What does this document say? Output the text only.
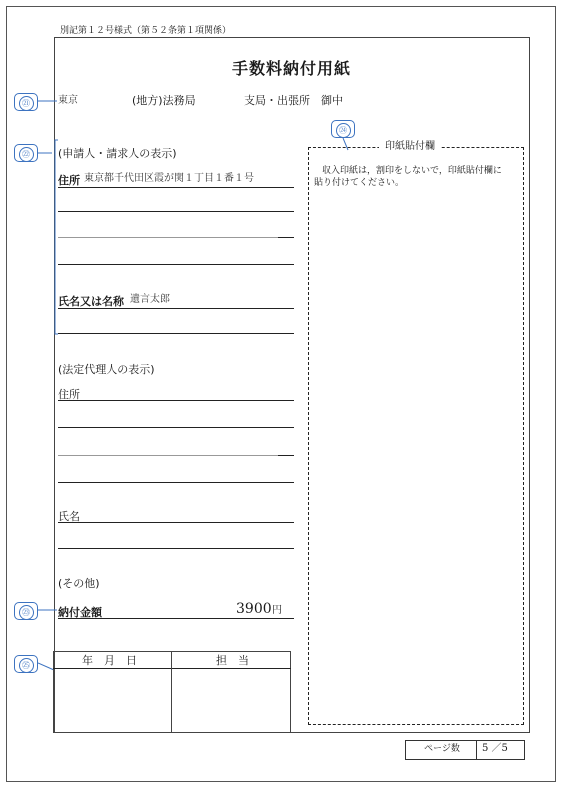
別記第１２号様式（第５２条第１項関係）
手数料納付用紙
㉑	東京	(地方)法務局	支局・出張所 御中
㉒	(申請人・請求人の表示)
住所 東京都千代田区霞が関１丁目１番１号
氏名又は名称 遺言太郎
(法定代理人の表示)
住所
氏名
(その他)
㉓	納付金額	3900 円
㉔
印紙貼付欄
収入印紙は，割印をしないで，印紙貼付欄に
貼り付けてください。
㉕	年　月　日	担　当
ページ数 5 ／5
